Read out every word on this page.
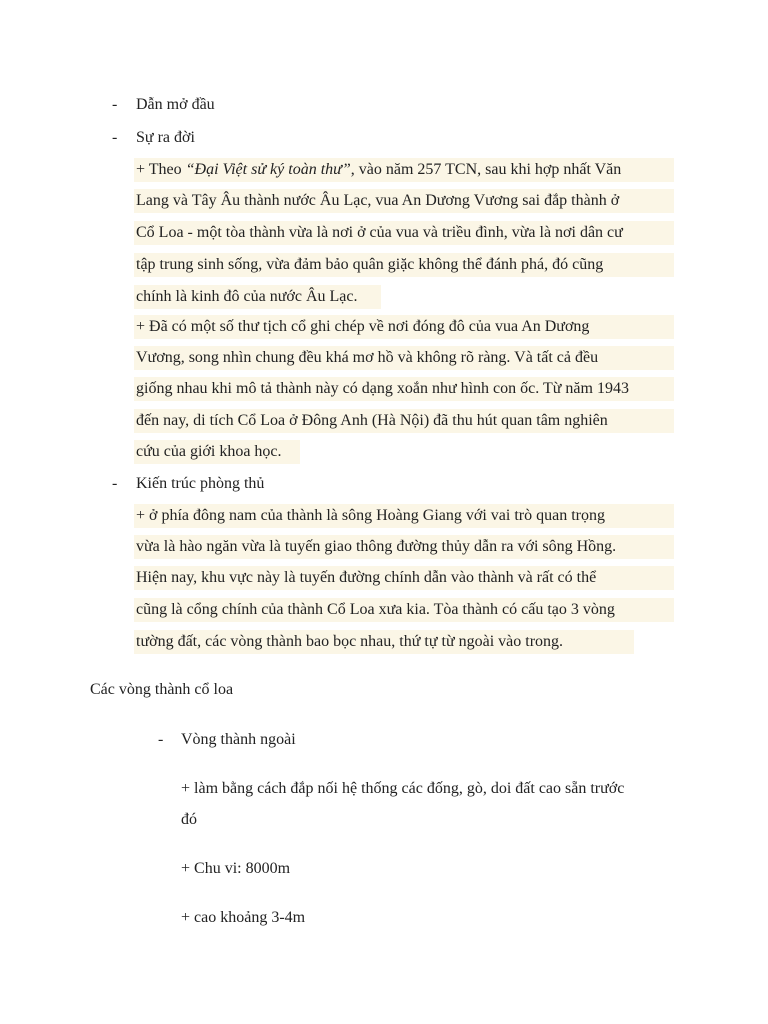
- Dẫn mở đầu
- Sự ra đời
+ Theo “Đại Việt sử ký toàn thư”, vào năm 257 TCN, sau khi hợp nhất Văn
Lang và Tây Âu thành nước Âu Lạc, vua An Dương Vương sai đắp thành ở
Cổ Loa - một tòa thành vừa là nơi ở của vua và triều đình, vừa là nơi dân cư
tập trung sinh sống, vừa đảm bảo quân giặc không thể đánh phá, đó cũng
chính là kinh đô của nước Âu Lạc.
+ Đã có một số thư tịch cổ ghi chép về nơi đóng đô của vua An Dương
Vương, song nhìn chung đều khá mơ hồ và không rõ ràng. Và tất cả đều
giống nhau khi mô tả thành này có dạng xoắn như hình con ốc. Từ năm 1943
đến nay, di tích Cổ Loa ở Đông Anh (Hà Nội) đã thu hút quan tâm nghiên
cứu của giới khoa học.
- Kiến trúc phòng thủ
+ ở phía đông nam của thành là sông Hoàng Giang với vai trò quan trọng
vừa là hào ngăn vừa là tuyến giao thông đường thủy dẫn ra với sông Hồng.
Hiện nay, khu vực này là tuyến đường chính dẫn vào thành và rất có thể
cũng là cổng chính của thành Cổ Loa xưa kia. Tòa thành có cấu tạo 3 vòng
tường đất, các vòng thành bao bọc nhau, thứ tự từ ngoài vào trong.
Các vòng thành cổ loa
- Vòng thành ngoài
+ làm bằng cách đắp nối hệ thống các đống, gò, doi đất cao sẵn trước
đó
+ Chu vi: 8000m
+ cao khoảng 3-4m
